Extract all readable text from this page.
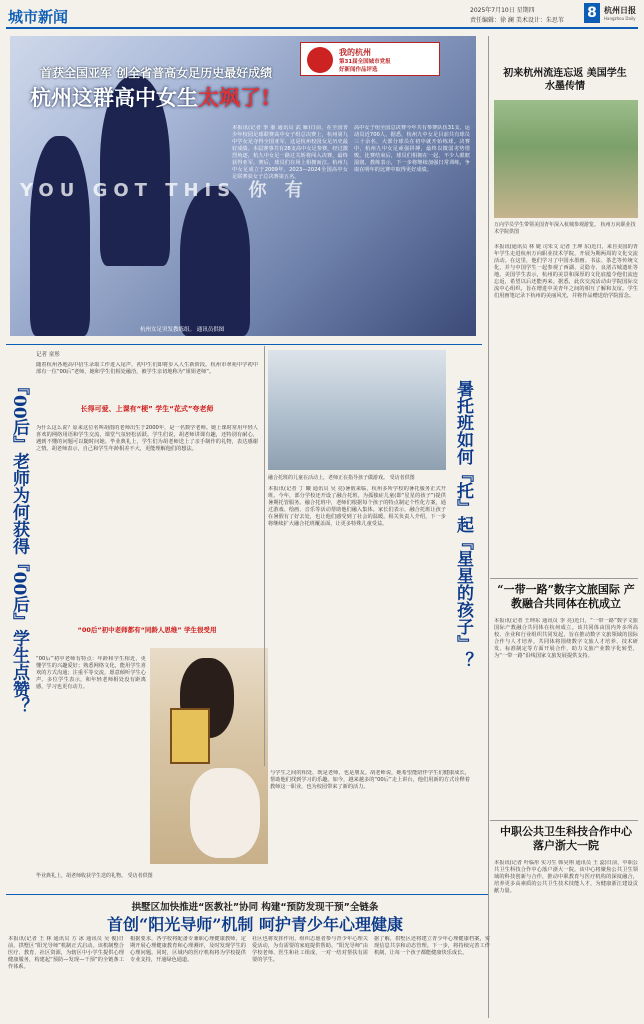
城市新闻	2025年7月10日 星期四
责任编辑：徐 澜 美术设计：朱思苇 8 杭州日报
Hangzhou Daily
YOU GOT THIS 你 有
首获全国亚军 创全省普高女足历史最好成绩
杭州这群高中女生太飒了!
我的杭州
第31届全国城市党报
好新闻作品评选
本报讯(记者 季 蓁 通讯员 武 雁)日前，在全国青少年校园足球联赛高中女子组总决赛上，杭州第九中学女足夺得全国亚军，这是杭州校园女足历史最好成绩。本届赛事共有28支高中女足参赛，经过激烈角逐，杭九中女足一路过关斩将闯入决赛，最终获得亚军。赛后，球员们在场上相拥而泣。杭州九中女足成立于2009年，2023—2024全国高中女足联赛获女子总决赛第五名。
高中女子组全国总决赛今年共有参赛队伍31支、运动员近700人。据悉，杭州九中女足目前共有球员三十余名，大部分球员在初中就开始练球。决赛中，杭州九中女足顽强拼搏，最终以微弱劣势惜败。比赛结束后，球员们相拥在一起，不少人眼眶湿润。教练表示，下一步将继续加强日常训练，争取在明年的比赛中取得更好成绩。
杭州女足突发教练组。 通讯员供图
初来杭州流连忘返 美国学生水墨传情
万向学员学生带领美国青年深入杭城参观游览。 杭州万向职业技术学院供图
本报讯(通讯员 林 婕 司朱文 记者 王坤 东)近日，来自美国的青年学生走进杭州万向职业技术学院，开展为期两周的文化交流活动。在这里，他们学习了中国水墨画、书法、茶艺等传统文化，并与中国学生一起参观了西湖、灵隐寺、良渚古城遗址等地。美国学生表示，杭州的美景和深厚的文化底蕴令他们流连忘返，希望以后还能再来。据悉，此次交流活动由学院国际交流中心组织，旨在增进中美青年之间的相互了解和友谊。学生们用画笔记录下杭州的美丽风光，并将作品赠送给学院留念。
“一带一路”数字文旅国际 产教融合共同体在杭成立
本报讯(记者 王坤东 通讯员 李 亮)近日，“一带一路”数字文旅国际产教融合共同体在杭州成立。该共同体由国内外多所高校、企业和行业组织共同发起，旨在推动数字文旅领域的国际合作与人才培养。共同体将围绕数字文旅人才培养、技术研发、标准制定等方面开展合作，助力文旅产业数字化转型，为“一带一路”沿线国家文旅发展提供支持。
中职公共卫生科技合作中心 落户浙大一院
本报讯(记者 叶临彤 实习生 韩昊翔 通讯员 王 蕊)日前，中职公共卫生科技合作中心落户浙大一院。该中心将聚焦公共卫生领域的科技创新与合作，推动中职教育与医疗机构的深度融合，培养更多高素质的公共卫生技术技能人才，为健康浙江建设贡献力量。
『00后』老师为何获得『00后』学生点赞？
记者 童彤
随着杭州各地高中招生录取工作进入尾声，初中生们即将步入人生新阶段。杭州市翠苑中学初中部有一位“00后”老师，她和学生们相处融洽，被学生亲切地称为“姐姐老师”。
长得可爱、上课有“梗” 学生“花式”夸老师
为什么这么说？原来这位名叫胡雨的老师出生于2000年，是一名数学老师。她上课时常用年轻人喜欢的网络用语和学生交流，课堂气氛轻松活跃。学生们说，胡老师讲课有趣，还特别有耐心，遇到不懂的问题可以随时问她。毕业典礼上，学生们为胡老师送上了亲手制作的礼物，表达感谢之情。胡老师表示，自己和学生年龄相差不大，更能理解他们的想法。
“00后”初中老师都有“同龄人思维” 学生很受用
“00后”初中老师有特点：年龄和学生相近，更懂学生的兴趣爱好；熟悉网络文化，能用学生喜欢的方式沟通；注重平等交流，愿意倾听学生心声。多位学生表示，和年轻老师相处没有距离感，学习也更有动力。
毕业典礼上，胡老师收获学生送的礼物。 受访者供图
融合托班的儿童在活动上，老师正在指导孩子做游戏。 受访者供图	暑托班如何『托』起『星星的孩子』？
本报讯(记者 丁 曦 通讯员 吴 亮)暑假来临，杭州多所学校的暑托服务正式开班。今年，部分学校还开设了融合托班，为孤独症儿童(即“星星的孩子”)提供暑期托管服务。融合托班中，老师们根据每个孩子的特点制定个性化方案，通过游戏、绘画、音乐等活动帮助他们融入集体。家长们表示，融合托班让孩子在暑假有了好去处，也让他们感受到了社会的温暖。相关负责人介绍，下一步将继续扩大融合托班覆盖面，让更多特殊儿童受益。
与学生之间的相处，既是老师，也是朋友。胡老师说，她希望能陪伴学生们健康成长，帮助他们找到学习的乐趣。如今，越来越多的“00后”走上讲台，他们用新的方式诠释着教师这一职业，也为校园带来了新的活力。
拱墅区加快推进“医教社”协同 构建“预防发现干预”全链条
首创“阳光导师”机制 呵护青少年心理健康
本报讯(记者 王 林 通讯员 方 冰 通讯员 吴 俊)日前，拱墅区“阳光导师”机制正式启动。该机制整合医疗、教育、社区资源，为辖区中小学生提供心理健康服务，构建起“预防—发现—干预”的全链条工作体系。
根据要求，各学校将配备专兼职心理健康教师，定期开展心理健康教育和心理测评，及时发现学生的心理问题。同时，区域内的医疗机构将为学校提供专业支持，开通绿色通道。
社区也将发挥作用，组织志愿者参与青少年心理关爱活动，为有需要的家庭提供帮助。“阳光导师”由学校老师、医生和社工组成，一对一结对帮扶有需要的学生。
据了解，拱墅区还将建立青少年心理健康档案，实现信息共享和动态管理。下一步，将持续完善工作机制，让每一个孩子都能健康快乐成长。
